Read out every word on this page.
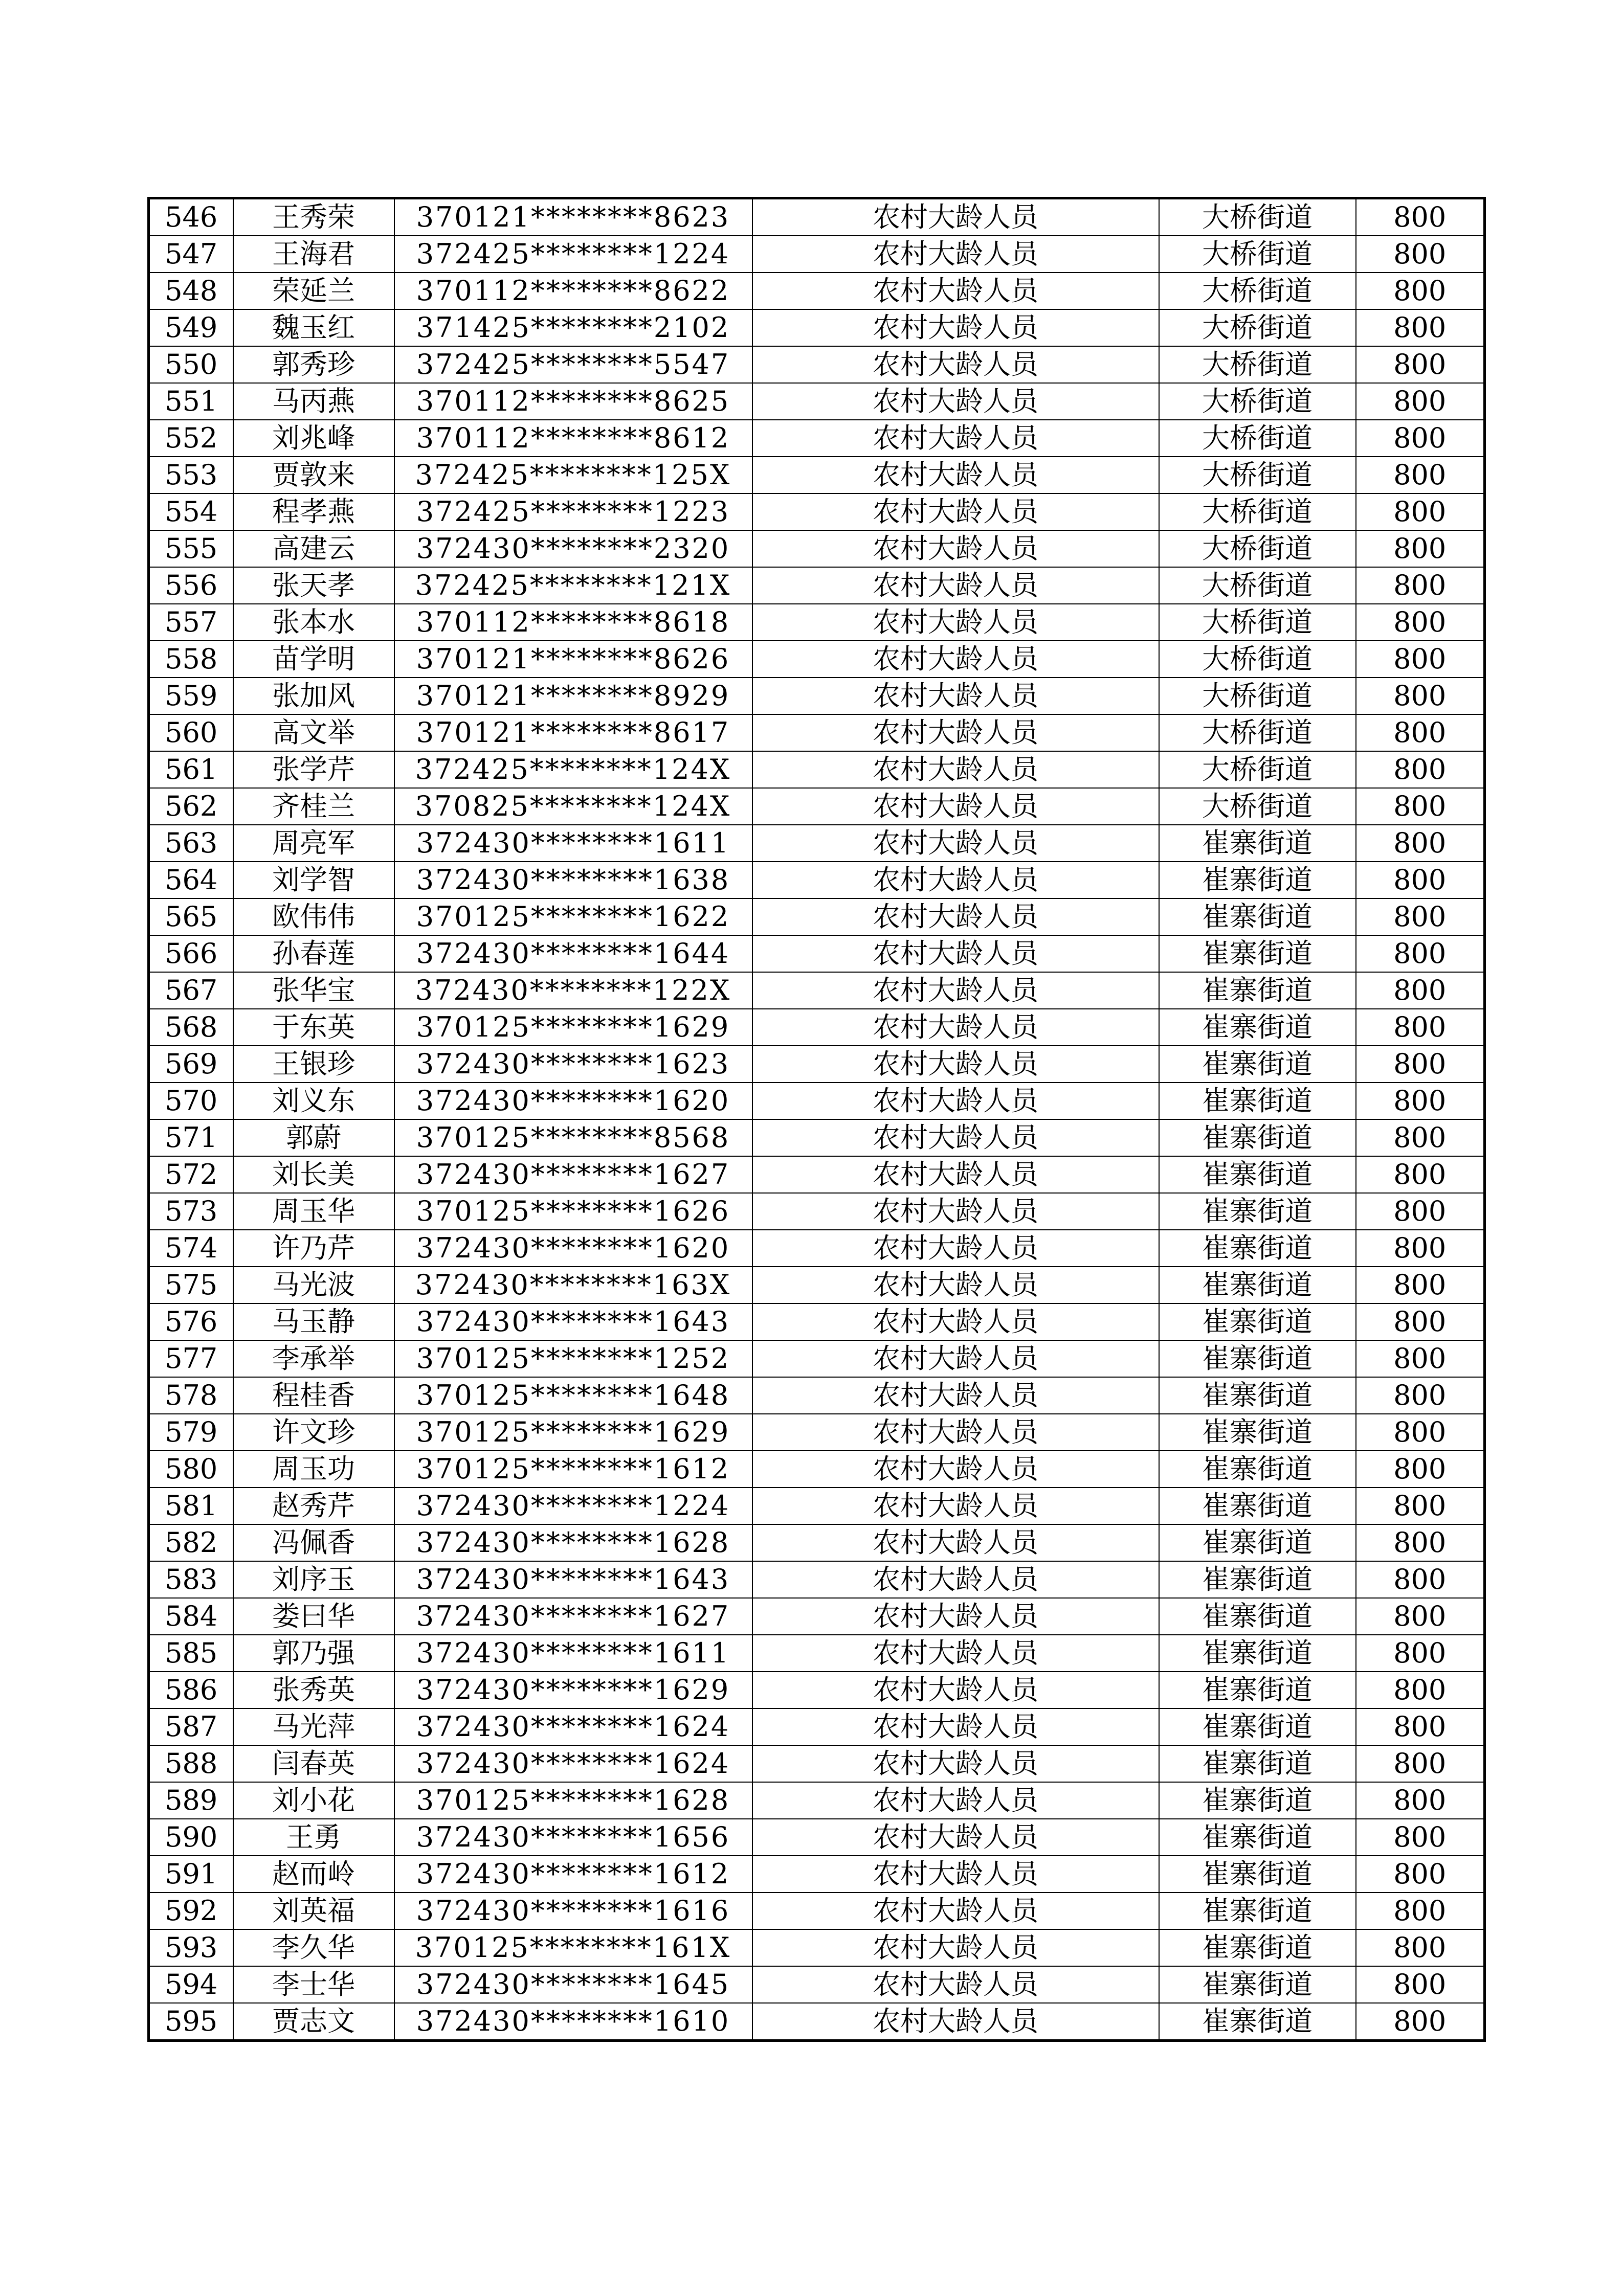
546	王秀荣	370121********8623	农村大龄人员	大桥街道	800
547	王海君	372425********1224	农村大龄人员	大桥街道	800
548	荣延兰	370112********8622	农村大龄人员	大桥街道	800
549	魏玉红	371425********2102	农村大龄人员	大桥街道	800
550	郭秀珍	372425********5547	农村大龄人员	大桥街道	800
551	马丙燕	370112********8625	农村大龄人员	大桥街道	800
552	刘兆峰	370112********8612	农村大龄人员	大桥街道	800
553	贾敦来	372425********125X	农村大龄人员	大桥街道	800
554	程孝燕	372425********1223	农村大龄人员	大桥街道	800
555	高建云	372430********2320	农村大龄人员	大桥街道	800
556	张天孝	372425********121X	农村大龄人员	大桥街道	800
557	张本水	370112********8618	农村大龄人员	大桥街道	800
558	苗学明	370121********8626	农村大龄人员	大桥街道	800
559	张加风	370121********8929	农村大龄人员	大桥街道	800
560	高文举	370121********8617	农村大龄人员	大桥街道	800
561	张学芹	372425********124X	农村大龄人员	大桥街道	800
562	齐桂兰	370825********124X	农村大龄人员	大桥街道	800
563	周亮军	372430********1611	农村大龄人员	崔寨街道	800
564	刘学智	372430********1638	农村大龄人员	崔寨街道	800
565	欧伟伟	370125********1622	农村大龄人员	崔寨街道	800
566	孙春莲	372430********1644	农村大龄人员	崔寨街道	800
567	张华宝	372430********122X	农村大龄人员	崔寨街道	800
568	于东英	370125********1629	农村大龄人员	崔寨街道	800
569	王银珍	372430********1623	农村大龄人员	崔寨街道	800
570	刘义东	372430********1620	农村大龄人员	崔寨街道	800
571	郭蔚	370125********8568	农村大龄人员	崔寨街道	800
572	刘长美	372430********1627	农村大龄人员	崔寨街道	800
573	周玉华	370125********1626	农村大龄人员	崔寨街道	800
574	许乃芹	372430********1620	农村大龄人员	崔寨街道	800
575	马光波	372430********163X	农村大龄人员	崔寨街道	800
576	马玉静	372430********1643	农村大龄人员	崔寨街道	800
577	李承举	370125********1252	农村大龄人员	崔寨街道	800
578	程桂香	370125********1648	农村大龄人员	崔寨街道	800
579	许文珍	370125********1629	农村大龄人员	崔寨街道	800
580	周玉功	370125********1612	农村大龄人员	崔寨街道	800
581	赵秀芹	372430********1224	农村大龄人员	崔寨街道	800
582	冯佩香	372430********1628	农村大龄人员	崔寨街道	800
583	刘序玉	372430********1643	农村大龄人员	崔寨街道	800
584	娄曰华	372430********1627	农村大龄人员	崔寨街道	800
585	郭乃强	372430********1611	农村大龄人员	崔寨街道	800
586	张秀英	372430********1629	农村大龄人员	崔寨街道	800
587	马光萍	372430********1624	农村大龄人员	崔寨街道	800
588	闫春英	372430********1624	农村大龄人员	崔寨街道	800
589	刘小花	370125********1628	农村大龄人员	崔寨街道	800
590	王勇	372430********1656	农村大龄人员	崔寨街道	800
591	赵而岭	372430********1612	农村大龄人员	崔寨街道	800
592	刘英福	372430********1616	农村大龄人员	崔寨街道	800
593	李久华	370125********161X	农村大龄人员	崔寨街道	800
594	李士华	372430********1645	农村大龄人员	崔寨街道	800
595	贾志文	372430********1610	农村大龄人员	崔寨街道	800
